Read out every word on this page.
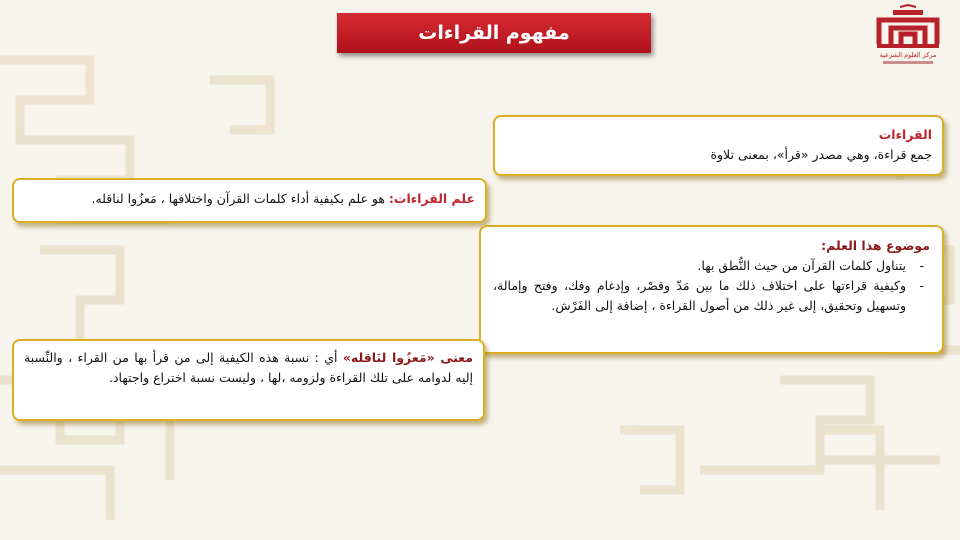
مفهوم القراءات
مركز العلوم الشرعية
القراءات
جمع قراءة، وهي مصدر «قرأ»، بمعنى تلاوة
علم القراءات: هو علم بكيفية أداء كلمات القرآن واختلافها ، مَعزُوا لناقله.
موضوع هذا العلم:
- يتناول كلمات القرآن من حيث النُّطق بها.
- وكيفية قراءتها على اختلاف ذلك ما بين مَدّ وقصْر، وإدغام وفك، وفتح وإمالة، وتسهيل وتحقيق، إلى غير ذلك من أصول القراءة ، إضافة إلى الفَرْش.
معنى «مَعزُوا لنَاقله» أي : نسبة هذه الكيفية إلى من قرأ بها من القراء ، والنِّسبة إليه لدوامه على تلك القراءة ولزومه ،لها ، وليست نسبة اختراع واجتهاد.
